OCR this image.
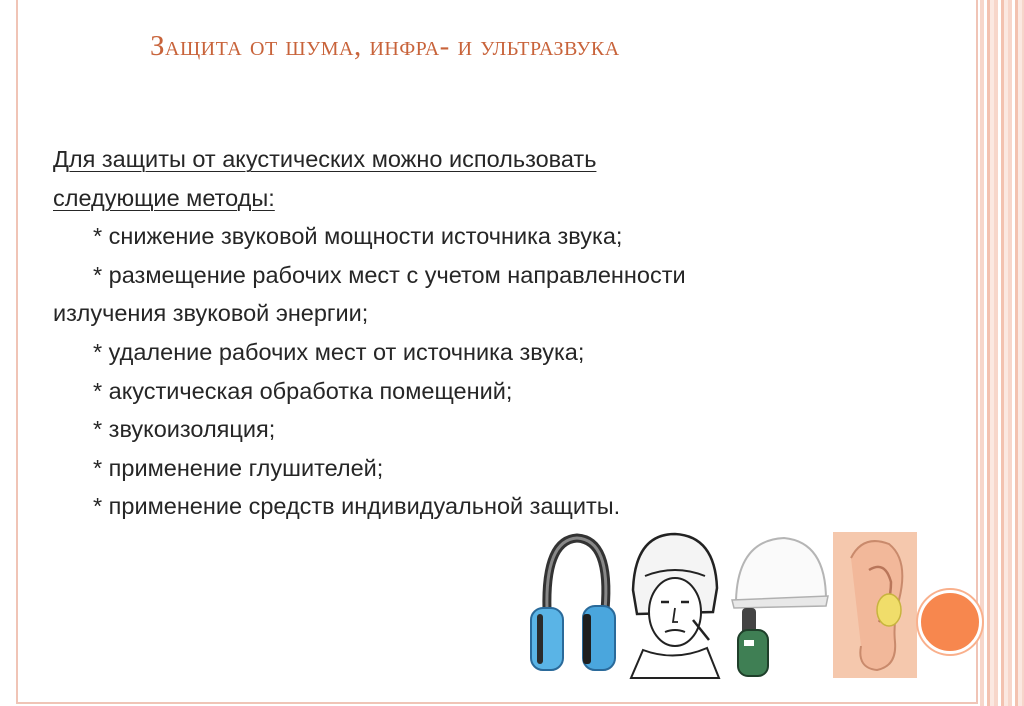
Защита от шума, инфра- и ультразвука
Для защиты от акустических можно использовать
следующие методы:
* снижение звуковой мощности источника звука;
* размещение рабочих мест с учетом направленности
излучения звуковой энергии;
* удаление рабочих мест от источника звука;
* акустическая обработка помещений;
* звукоизоляция;
* применение глушителей;
* применение средств индивидуальной защиты.
